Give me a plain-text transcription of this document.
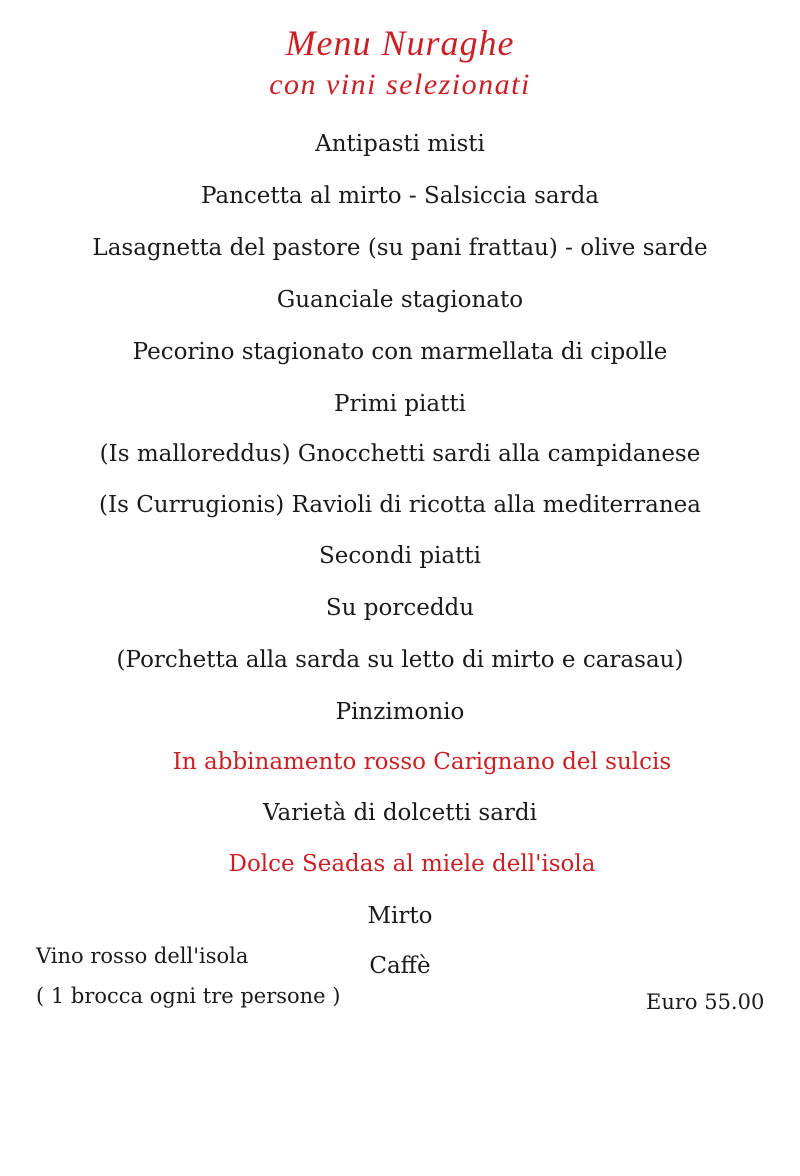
Menu Nuraghe
con vini selezionati
Antipasti misti
Pancetta al mirto - Salsiccia sarda
Lasagnetta del pastore (su pani frattau) - olive sarde
Guanciale stagionato
Pecorino stagionato con marmellata di cipolle
Primi piatti
(Is malloreddus) Gnocchetti sardi alla campidanese
(Is Currugionis) Ravioli di ricotta alla mediterranea
Secondi piatti
Su porceddu
(Porchetta alla sarda su letto di mirto e carasau)
Pinzimonio
In abbinamento rosso Carignano del sulcis
Varietà di dolcetti sardi
Dolce Seadas al miele dell'isola
Mirto
Caffè
Vino rosso dell'isola
( 1 brocca ogni tre persone )	Euro 55.00
